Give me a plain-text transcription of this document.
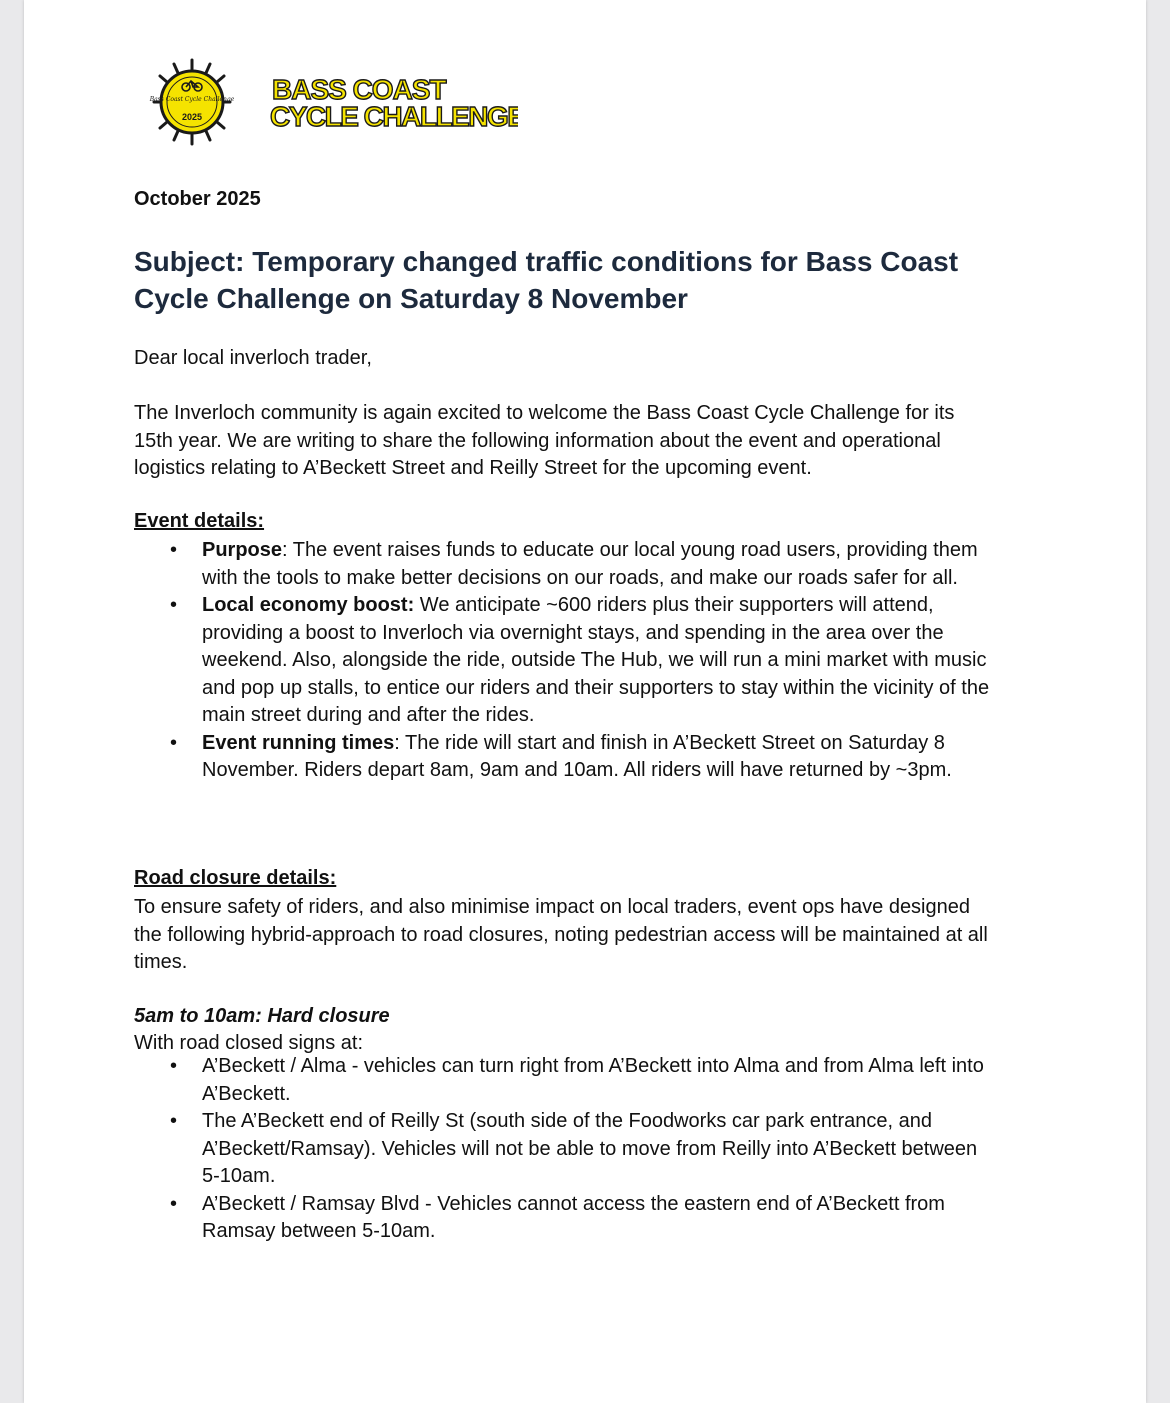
Bass Coast Cycle Challenge
2025
BASS COAST
CYCLE CHALLENGE
October 2025
Subject: Temporary changed traffic conditions for Bass Coast Cycle Challenge on Saturday 8 November
Dear local inverloch trader,
The Inverloch community is again excited to welcome the Bass Coast Cycle Challenge for its 15th year. We are writing to share the following information about the event and operational logistics relating to A’Beckett Street and Reilly Street for the upcoming event.
Event details:
• Purpose: The event raises funds to educate our local young road users, providing them with the tools to make better decisions on our roads, and make our roads safer for all.
• Local economy boost: We anticipate ~600 riders plus their supporters will attend, providing a boost to Inverloch via overnight stays, and spending in the area over the weekend. Also, alongside the ride, outside The Hub, we will run a mini market with music and pop up stalls, to entice our riders and their supporters to stay within the vicinity of the main street during and after the rides.
• Event running times: The ride will start and finish in A’Beckett Street on Saturday 8 November. Riders depart 8am, 9am and 10am. All riders will have returned by ~3pm.
Road closure details:
To ensure safety of riders, and also minimise impact on local traders, event ops have designed the following hybrid-approach to road closures, noting pedestrian access will be maintained at all times.
5am to 10am: Hard closure
With road closed signs at:
• A’Beckett / Alma - vehicles can turn right from A’Beckett into Alma and from Alma left into A’Beckett.
• The A’Beckett end of Reilly St (south side of the Foodworks car park entrance, and A’Beckett/Ramsay). Vehicles will not be able to move from Reilly into A’Beckett between 5-10am.
• A’Beckett / Ramsay Blvd - Vehicles cannot access the eastern end of A’Beckett from Ramsay between 5-10am.
